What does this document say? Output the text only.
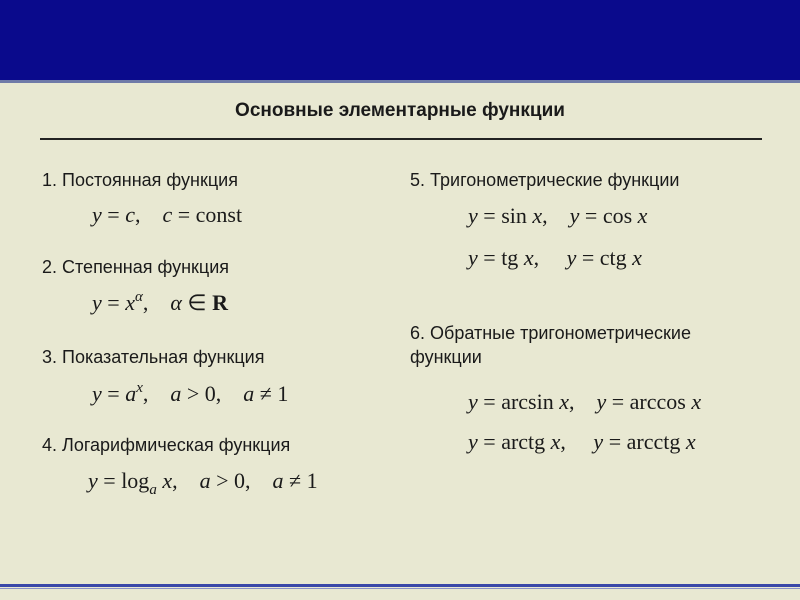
Основные элементарные функции
1. Постоянная функция
y = c,    c = const
2. Степенная функция
$y = x^\alpha$,    α ∈ R
3. Показательная функция
$y = a^x$,    a > 0,    a ≠ 1
4. Логарифмическая функция
$y = \log_a x$,    a > 0,    a ≠ 1
5. Тригонометрические функции
y = sin x,    y = cos x
y = tg x,     y = ctg x
6. Обратные тригонометрические
функции
y = arcsin x,    y = arccos x
y = arctg x,     y = arcctg x
